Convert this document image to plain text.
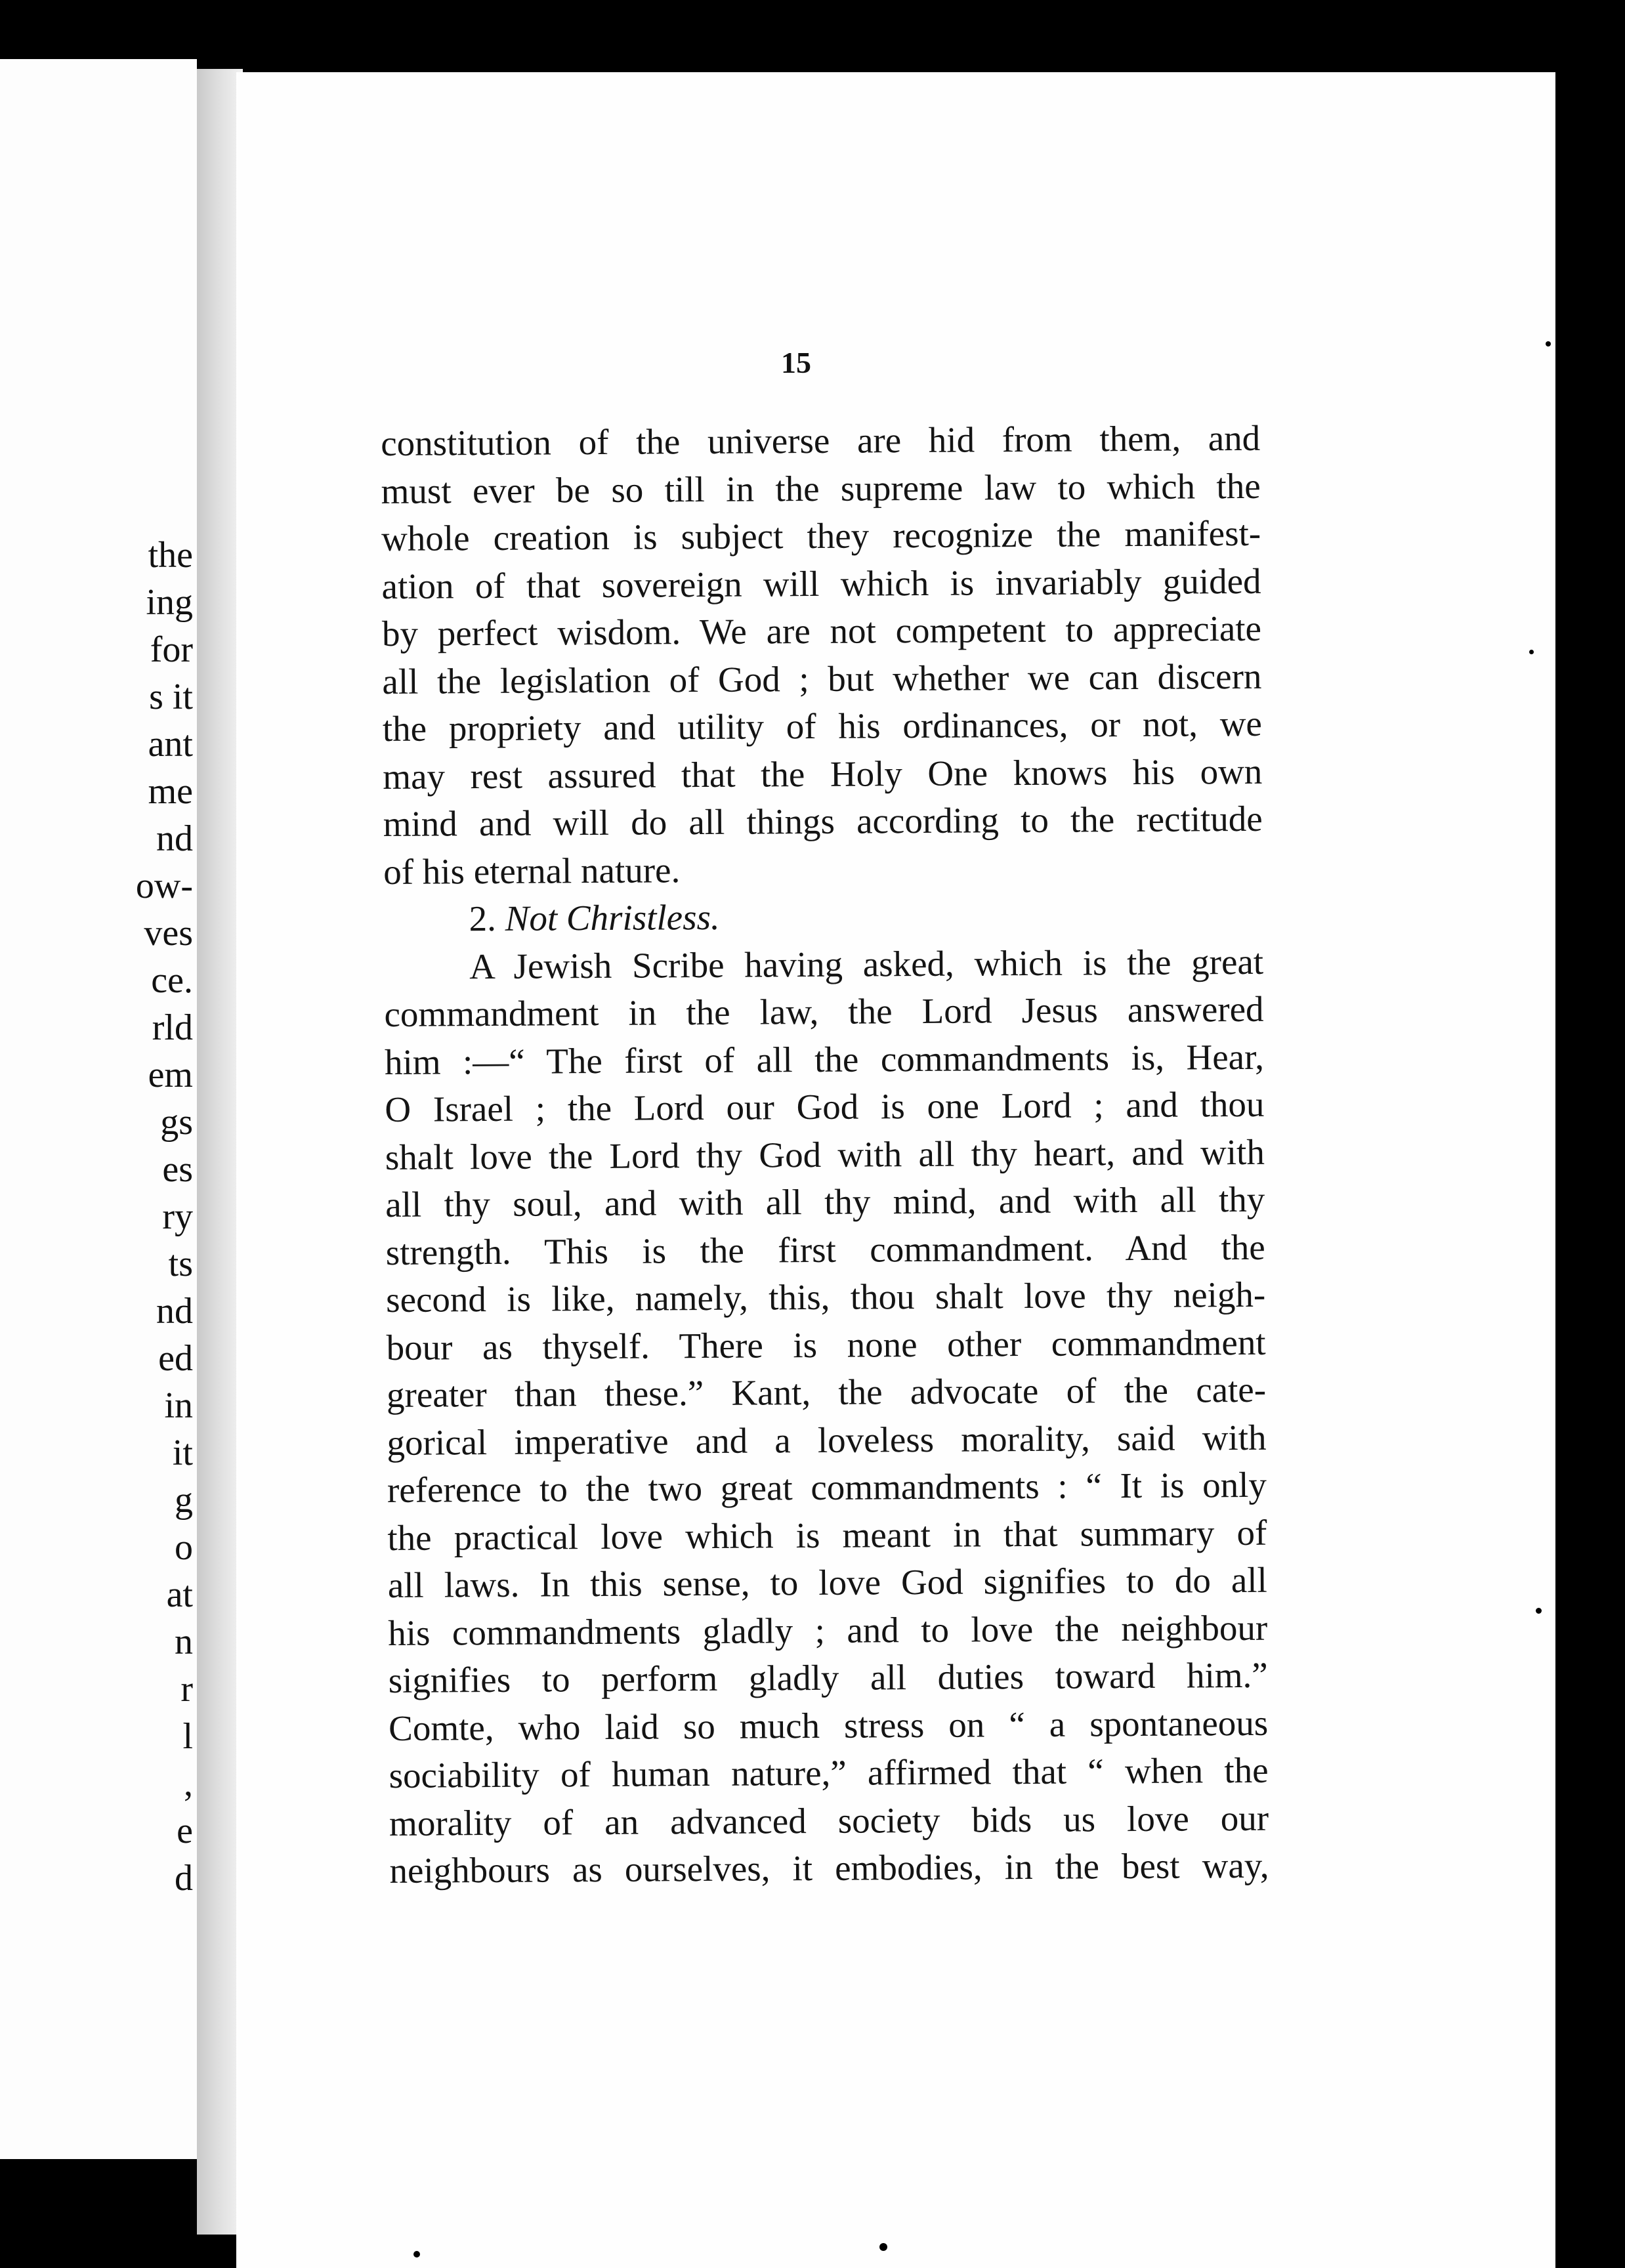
the
ing
for
s it
ant
me
nd
ow-
ves
ce.
rld
em
gs
es
ry
ts
nd
ed
in
it
g
o
at
n
r
l
,
e
d
15
constitution of the universe are hid from them, and
must ever be so till in the supreme law to which the
whole creation is subject they recognize the manifest-
ation of that sovereign will which is invariably guided
by perfect wisdom. We are not competent to appreciate
all the legislation of God ; but whether we can discern
the propriety and utility of his ordinances, or not, we
may rest assured that the Holy One knows his own
mind and will do all things according to the rectitude
of his eternal nature.
2. Not Christless.
A Jewish Scribe having asked, which is the great
commandment in the law, the Lord Jesus answered
him :—“ The first of all the commandments is, Hear,
O Israel ; the Lord our God is one Lord ; and thou
shalt love the Lord thy God with all thy heart, and with
all thy soul, and with all thy mind, and with all thy
strength. This is the first commandment. And the
second is like, namely, this, thou shalt love thy neigh-
bour as thyself. There is none other commandment
greater than these.” Kant, the advocate of the cate-
gorical imperative and a loveless morality, said with
reference to the two great commandments : “ It is only
the practical love which is meant in that summary of
all laws. In this sense, to love God signifies to do all
his commandments gladly ; and to love the neighbour
signifies to perform gladly all duties toward him.”
Comte, who laid so much stress on “ a spontaneous
sociability of human nature,” affirmed that “ when the
morality of an advanced society bids us love our
neighbours as ourselves, it embodies, in the best way,
